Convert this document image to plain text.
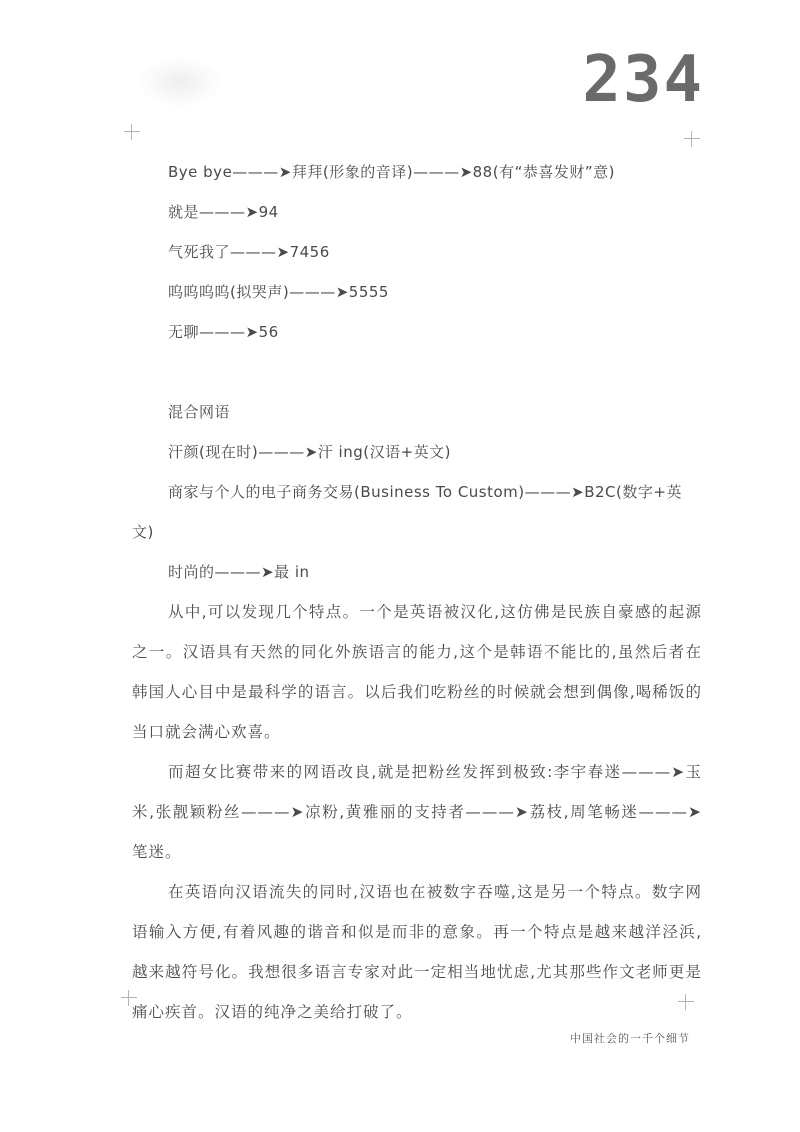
234
Bye bye———➤拜拜(形象的音译)———➤88(有“恭喜发财”意)
就是———➤94
气死我了———➤7456
呜呜呜呜(拟哭声)———➤5555
无聊———➤56
混合网语
汗颜(现在时)———➤汗 ing(汉语+英文)

商家与个人的电子商务交易(Business To Custom)———➤B2C(数字+英文)

时尚的———➤最 in

从中,可以发现几个特点。一个是英语被汉化,这仿佛是民族自豪感的起源之一。汉语具有天然的同化外族语言的能力,这个是韩语不能比的,虽然后者在韩国人心目中是最科学的语言。以后我们吃粉丝的时候就会想到偶像,喝稀饭的当口就会满心欢喜。

而超女比赛带来的网语改良,就是把粉丝发挥到极致:李宇春迷———➤玉米,张靓颖粉丝———➤凉粉,黄雅丽的支持者———➤荔枝,周笔畅迷———➤笔迷。

在英语向汉语流失的同时,汉语也在被数字吞噬,这是另一个特点。数字网语输入方便,有着风趣的谐音和似是而非的意象。再一个特点是越来越洋泾浜,越来越符号化。我想很多语言专家对此一定相当地忧虑,尤其那些作文老师更是痛心疾首。汉语的纯净之美给打破了。

中国社会的一千个细节
